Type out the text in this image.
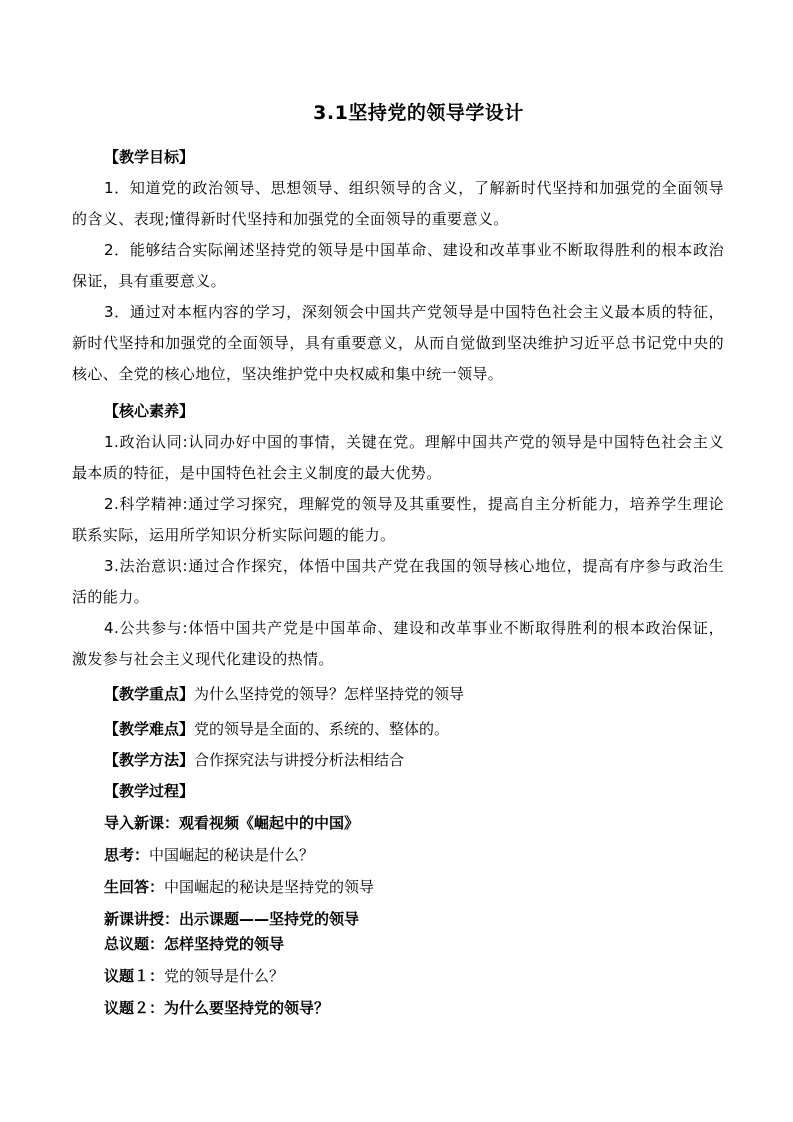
3.1坚持党的领导学设计
【教学目标】
1．知道党的政治领导、思想领导、组织领导的含义，了解新时代坚持和加强党的全面领导的含义、表现;懂得新时代坚持和加强党的全面领导的重要意义。
2．能够结合实际阐述坚持党的领导是中国革命、建设和改革事业不断取得胜利的根本政治保证，具有重要意义。
3．通过对本框内容的学习，深刻领会中国共产党领导是中国特色社会主义最本质的特征，新时代坚持和加强党的全面领导，具有重要意义，从而自觉做到坚决维护习近平总书记党中央的核心、全党的核心地位，坚决维护党中央权威和集中统一领导。
【核心素养】
1.政治认同:认同办好中国的事情，关键在党。理解中国共产党的领导是中国特色社会主义最本质的特征，是中国特色社会主义制度的最大优势。
2.科学精神:通过学习探究，理解党的领导及其重要性，提高自主分析能力，培养学生理论联系实际，运用所学知识分析实际问题的能力。
3.法治意识:通过合作探究，体悟中国共产党在我国的领导核心地位，提高有序参与政治生活的能力。
4.公共参与:体悟中国共产党是中国革命、建设和改革事业不断取得胜利的根本政治保证，激发参与社会主义现代化建设的热情。
【教学重点】为什么坚持党的领导？怎样坚持党的领导
【教学难点】党的领导是全面的、系统的、整体的。
【教学方法】合作探究法与讲授分析法相结合
【教学过程】
导入新课：观看视频《崛起中的中国》
思考：中国崛起的秘诀是什么？
生回答：中国崛起的秘诀是坚持党的领导
新课讲授：出示课题——坚持党的领导
总议题：怎样坚持党的领导
议题１：党的领导是什么？
议题２：为什么要坚持党的领导？
